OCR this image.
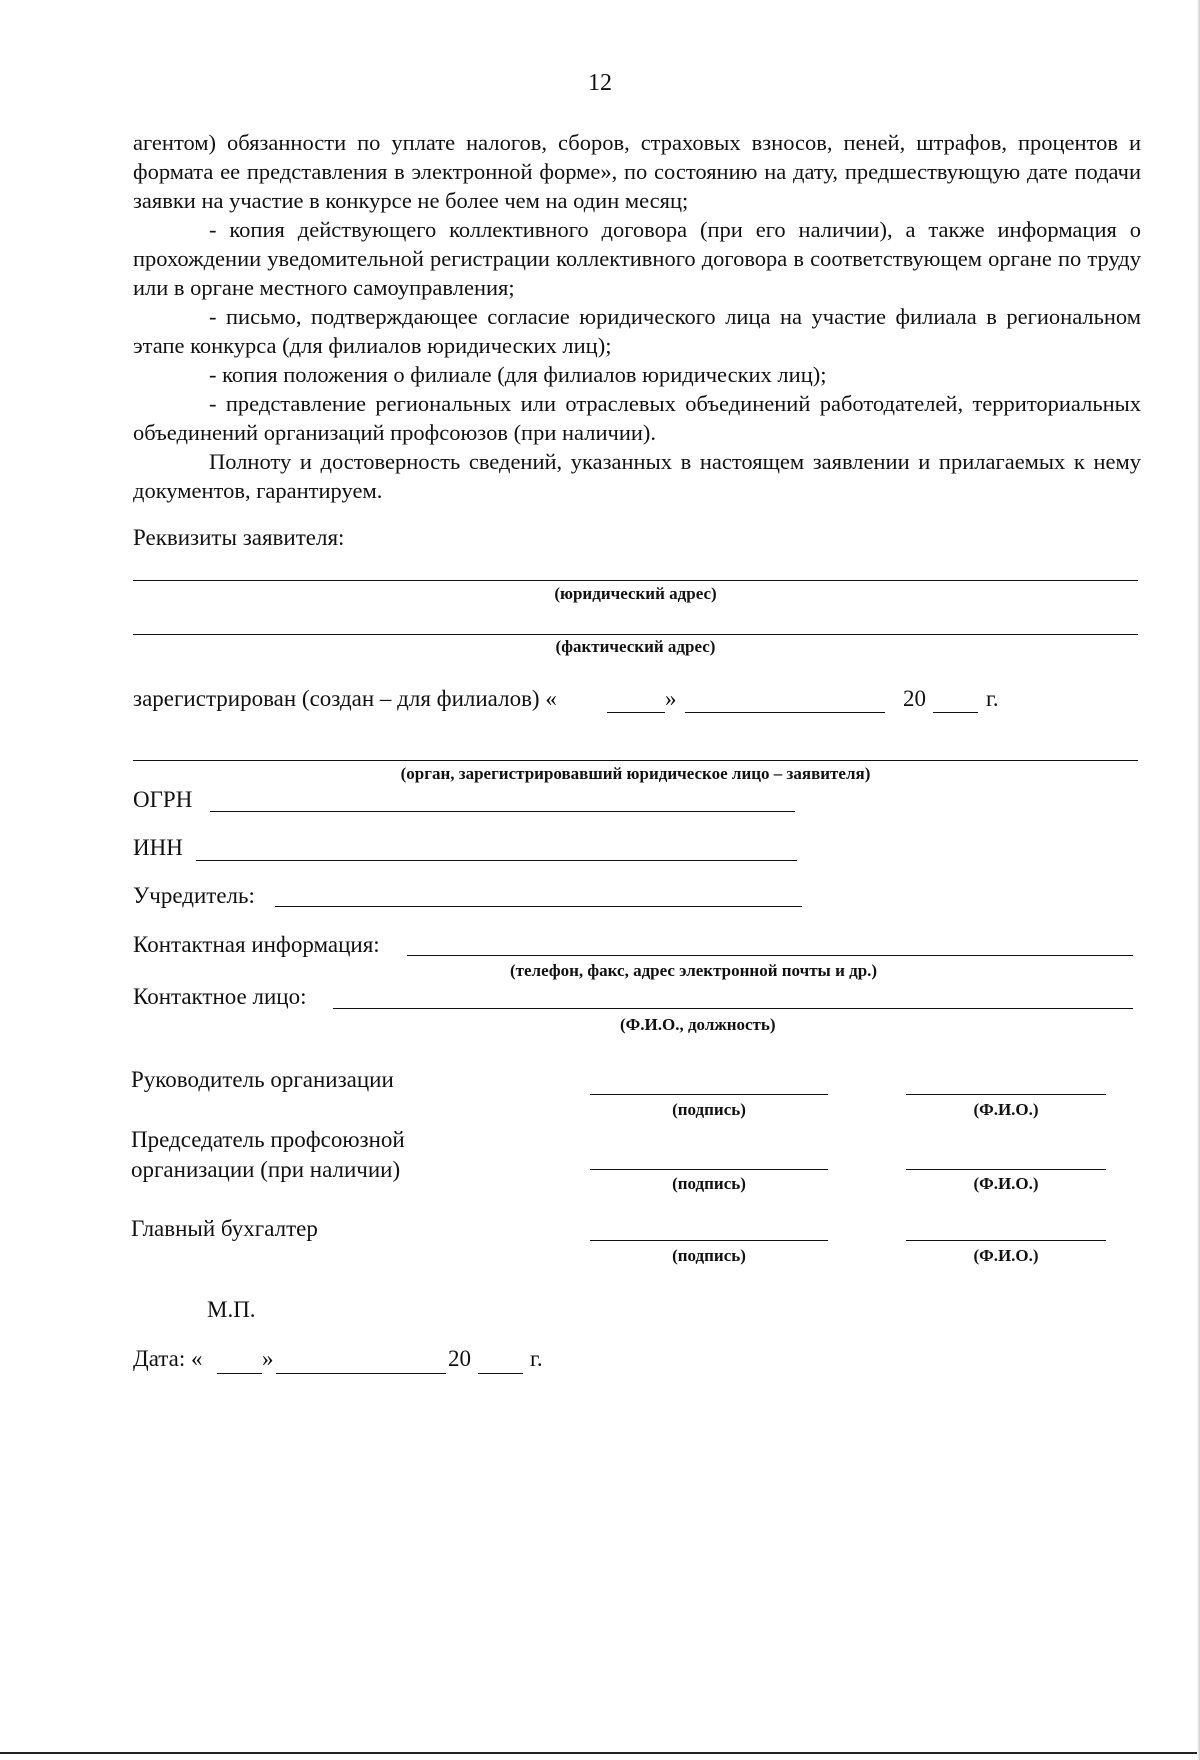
12

агентом) обязанности по уплате налогов, сборов, страховых взносов, пеней, штрафов, процентов и формата ее представления в электронной форме», по состоянию на дату, предшествующую дате подачи заявки на участие в конкурсе не более чем на один месяц;

- копия действующего коллективного договора (при его наличии), а также информация о прохождении уведомительной регистрации коллективного договора в соответствующем органе по труду или в органе местного самоуправления;

- письмо, подтверждающее согласие юридического лица на участие филиала в региональном этапе конкурса (для филиалов юридических лиц);

- копия положения о филиале (для филиалов юридических лиц);

- представление региональных или отраслевых объединений работодателей, территориальных объединений организаций профсоюзов (при наличии).

Полноту и достоверность сведений, указанных в настоящем заявлении и прилагаемых к нему документов, гарантируем.

Реквизиты заявителя:
(юридический адрес)
(фактический адрес)
зарегистрирован (создан – для филиалов) «	»	20	г.
(орган, зарегистрировавший юридическое лицо – заявителя)
ОГРН
ИНН
Учредитель:
Контактная информация:
(телефон, факс, адрес электронной почты и др.)
Контактное лицо:
(Ф.И.О., должность)
Руководитель организации
(подпись)	(Ф.И.О.)
Председатель профсоюзной
организации (при наличии)
(подпись)	(Ф.И.О.)
Главный бухгалтер
(подпись)	(Ф.И.О.)
М.П.
Дата: «	»	20	г.
